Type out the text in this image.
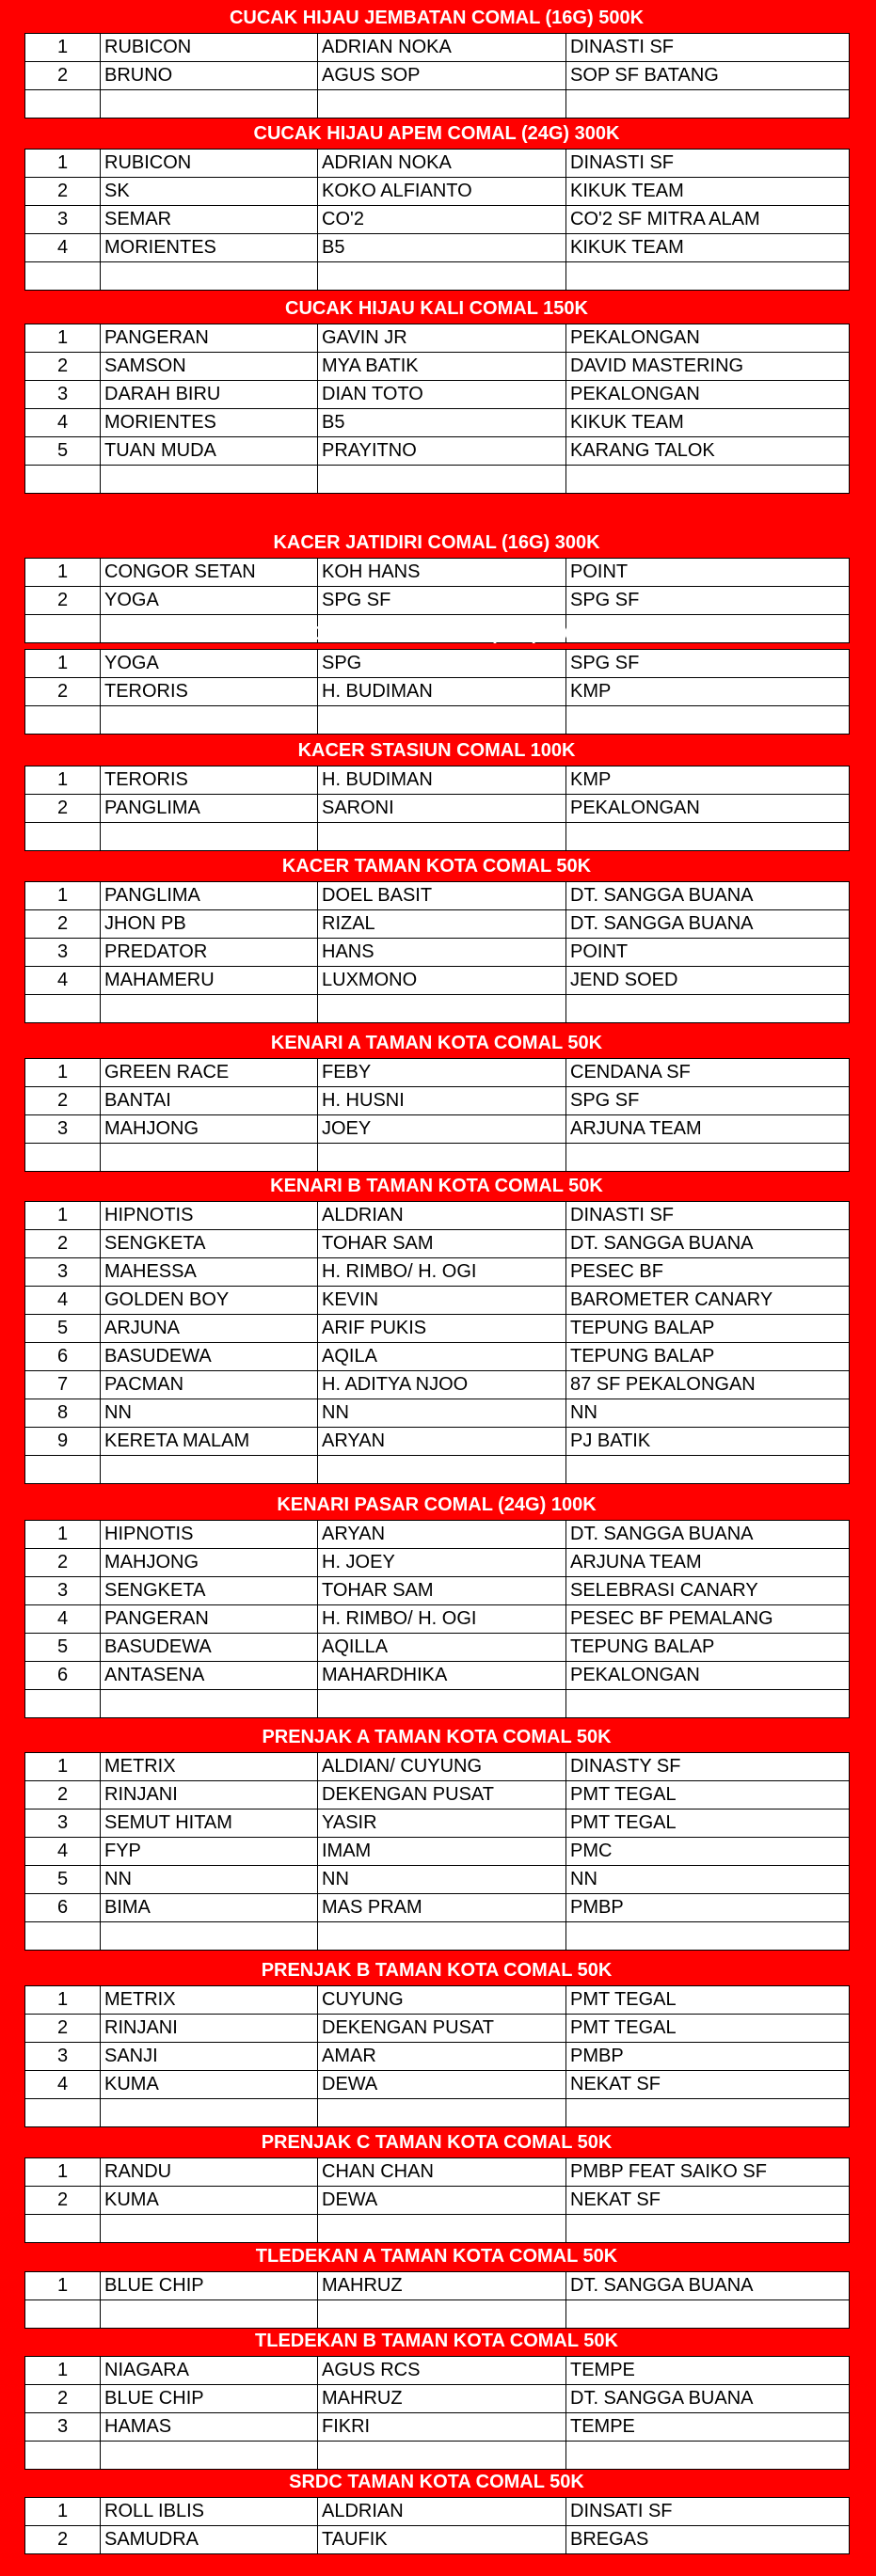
CUCAK HIJAU JEMBATAN COMAL (16G) 500K
1	RUBICON	ADRIAN NOKA	DINASTI SF
2	BRUNO	AGUS SOP	SOP SF BATANG

CUCAK HIJAU APEM COMAL (24G) 300K
1	RUBICON	ADRIAN NOKA	DINASTI SF
2	SK	KOKO ALFIANTO	KIKUK TEAM
3	SEMAR	CO'2	CO'2 SF MITRA ALAM
4	MORIENTES	B5	KIKUK TEAM

CUCAK HIJAU KALI COMAL 150K
1	PANGERAN	GAVIN JR	PEKALONGAN
2	SAMSON	MYA BATIK	DAVID MASTERING
3	DARAH BIRU	DIAN TOTO	PEKALONGAN
4	MORIENTES	B5	KIKUK TEAM
5	TUAN MUDA	PRAYITNO	KARANG TALOK

KACER JATIDIRI COMAL (16G) 300K
1	CONGOR SETAN	KOH HANS	POINT
2	YOGA	SPG SF	SPG SF

KACER COMAL BARU (24G) 200K
1	YOGA	SPG	SPG SF
2	TERORIS	H. BUDIMAN	KMP

KACER STASIUN COMAL 100K
1	TERORIS	H. BUDIMAN	KMP
2	PANGLIMA	SARONI	PEKALONGAN

KACER TAMAN KOTA COMAL 50K
1	PANGLIMA	DOEL BASIT	DT. SANGGA BUANA
2	JHON PB	RIZAL	DT. SANGGA BUANA
3	PREDATOR	HANS	POINT
4	MAHAMERU	LUXMONO	JEND SOED

KENARI A TAMAN KOTA COMAL 50K
1	GREEN RACE	FEBY	CENDANA SF
2	BANTAI	H. HUSNI	SPG SF
3	MAHJONG	JOEY	ARJUNA TEAM

KENARI B TAMAN KOTA COMAL 50K
1	HIPNOTIS	ALDRIAN	DINASTI SF
2	SENGKETA	TOHAR SAM	DT. SANGGA BUANA
3	MAHESSA	H. RIMBO/ H. OGI	PESEC BF
4	GOLDEN BOY	KEVIN	BAROMETER CANARY
5	ARJUNA	ARIF PUKIS	TEPUNG BALAP
6	BASUDEWA	AQILA	TEPUNG BALAP
7	PACMAN	H. ADITYA NJOO	87 SF PEKALONGAN
8	NN	NN	NN
9	KERETA MALAM	ARYAN	PJ BATIK

KENARI PASAR COMAL (24G) 100K
1	HIPNOTIS	ARYAN	DT. SANGGA BUANA
2	MAHJONG	H. JOEY	ARJUNA TEAM
3	SENGKETA	TOHAR SAM	SELEBRASI CANARY
4	PANGERAN	H. RIMBO/ H. OGI	PESEC BF PEMALANG
5	BASUDEWA	AQILLA	TEPUNG BALAP
6	ANTASENA	MAHARDHIKA	PEKALONGAN

PRENJAK A TAMAN KOTA COMAL 50K
1	METRIX	ALDIAN/ CUYUNG	DINASTY SF
2	RINJANI	DEKENGAN PUSAT	PMT TEGAL
3	SEMUT HITAM	YASIR	PMT TEGAL
4	FYP	IMAM	PMC
5	NN	NN	NN
6	BIMA	MAS PRAM	PMBP

PRENJAK B TAMAN KOTA COMAL 50K
1	METRIX	CUYUNG	PMT TEGAL
2	RINJANI	DEKENGAN PUSAT	PMT TEGAL
3	SANJI	AMAR	PMBP
4	KUMA	DEWA	NEKAT SF

PRENJAK C TAMAN KOTA COMAL 50K
1	RANDU	CHAN CHAN	PMBP FEAT SAIKO SF
2	KUMA	DEWA	NEKAT SF

TLEDEKAN A TAMAN KOTA COMAL 50K
1	BLUE CHIP	MAHRUZ	DT. SANGGA BUANA

TLEDEKAN B TAMAN KOTA COMAL 50K
1	NIAGARA	AGUS RCS	TEMPE
2	BLUE CHIP	MAHRUZ	DT. SANGGA BUANA
3	HAMAS	FIKRI	TEMPE

SRDC TAMAN KOTA COMAL 50K
1	ROLL IBLIS	ALDRIAN	DINSATI SF
2	SAMUDRA	TAUFIK	BREGAS
